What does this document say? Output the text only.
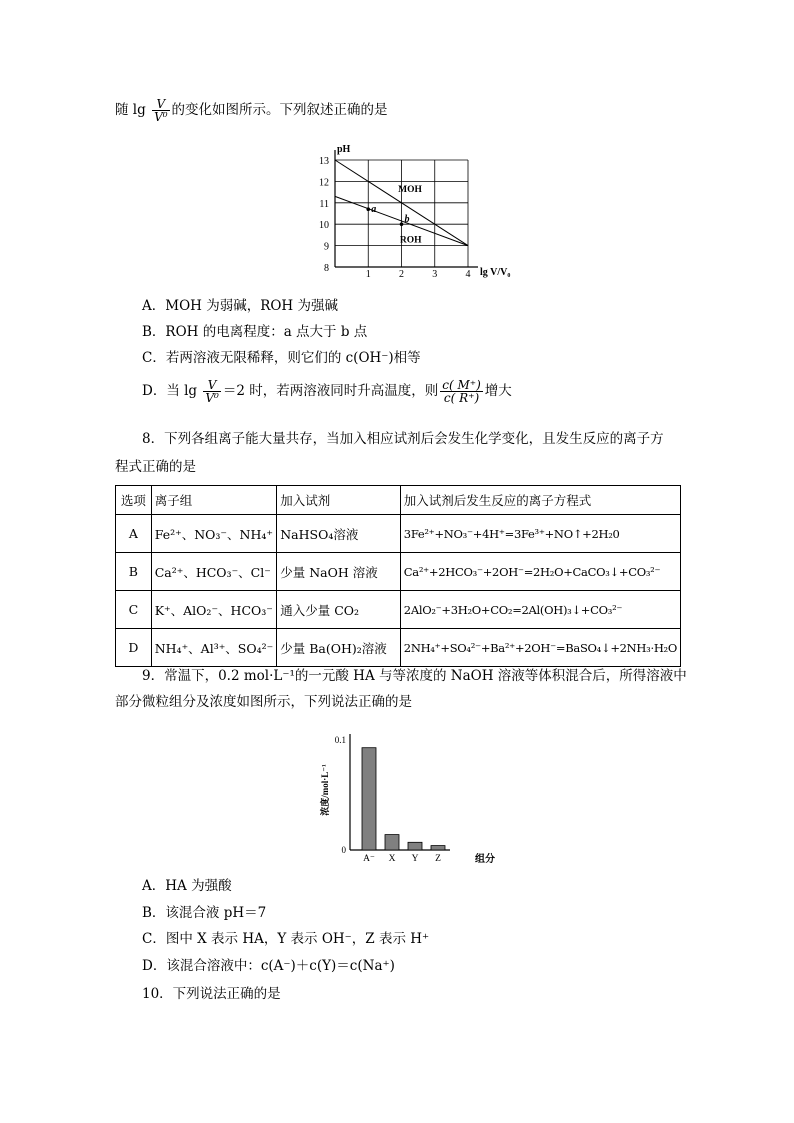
随 $\lg \frac{V}{\text{V⁰}}$ 的变化如图所示。下列叙述正确的是
8
9
10
11
12
13
1	2	3	4
MOH
ROH
a
b
pH
lg V/V₀
A．MOH 为弱碱，ROH 为强碱
B．ROH 的电离程度：a 点大于 b 点
C．若两溶液无限稀释，则它们的 c(OH⁻)相等
D．当 $\lg \frac{V}{\text{V⁰}} =2$ 时，若两溶液同时升高温度，则 $\frac{c( M^+)}{c( R^+)}$ 增大
8．下列各组离子能大量共存，当加入相应试剂后会发生化学变化，且发生反应的离子方
程式正确的是
选项	离子组	加入试剂	加入试剂后发生反应的离子方程式
A	Fe²⁺、NO₃⁻、NH₄⁺	NaHSO₄溶液	3Fe²⁺+NO₃⁻+4H⁺=3Fe³⁺+NO↑+2H₂0
B	Ca²⁺、HCO₃⁻、Cl⁻	少量 NaOH 溶液	Ca²⁺+2HCO₃⁻+2OH⁻=2H₂O+CaCO₃↓+CO₃²⁻
C	K⁺、AlO₂⁻、HCO₃⁻	通入少量 CO₂	2AlO₂⁻+3H₂O+CO₂=2Al(OH)₃↓+CO₃²⁻
D	NH₄⁺、Al³⁺、SO₄²⁻	少量 Ba(OH)₂溶液	2NH₄⁺+SO₄²⁻+Ba²⁺+2OH⁻=BaSO₄↓+2NH₃·H₂O
9．常温下，0.2 mol·L⁻¹的一元酸 HA 与等浓度的 NaOH 溶液等体积混合后，所得溶液中
部分微粒组分及浓度如图所示，下列说法正确的是
0
0.1
A⁻ X Y Z
浓度/mol·L⁻¹
组分
A．HA 为强酸
B．该混合液 pH＝7
C．图中 X 表示 HA，Y 表示 OH⁻，Z 表示 H⁺
D．该混合溶液中：c(A⁻)＋c(Y)＝c(Na⁺)
10．下列说法正确的是
